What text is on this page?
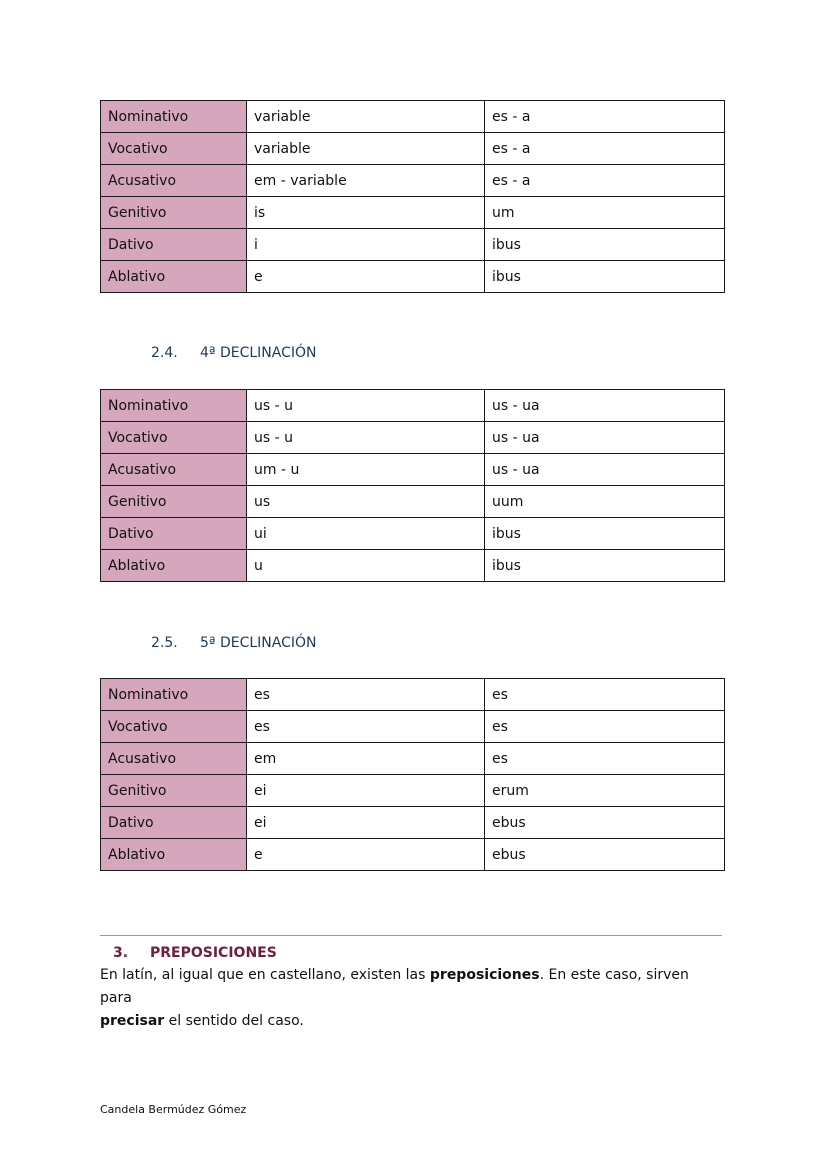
Nominativo	variable	es - a
Vocativo	variable	es - a
Acusativo	em - variable	es - a
Genitivo	is	um
Dativo	i	ibus
Ablativo	e	ibus
2.4. 4ª DECLINACIÓN
Nominativo	us - u	us - ua
Vocativo	us - u	us - ua
Acusativo	um - u	us - ua
Genitivo	us	uum
Dativo	ui	ibus
Ablativo	u	ibus
2.5. 5ª DECLINACIÓN
Nominativo	es	es
Vocativo	es	es
Acusativo	em	es
Genitivo	ei	erum
Dativo	ei	ebus
Ablativo	e	ebus
3. PREPOSICIONES
En latín, al igual que en castellano, existen las preposiciones. En este caso, sirven para
precisar el sentido del caso.
Candela Bermúdez Gómez
